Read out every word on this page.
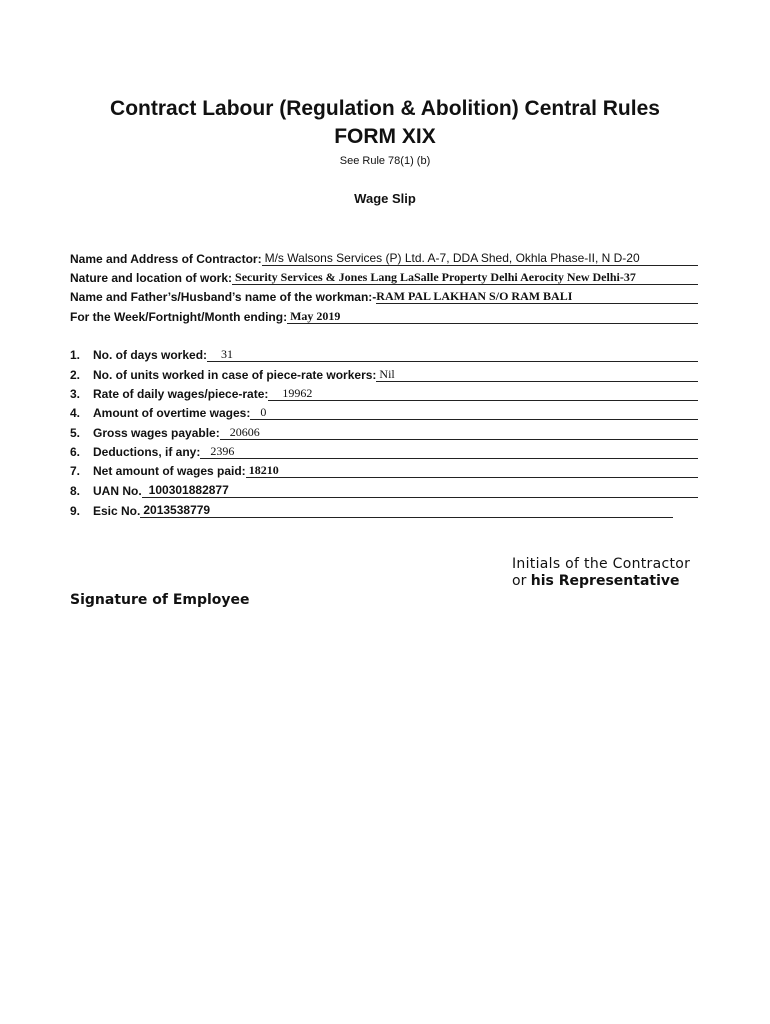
Contract Labour (Regulation & Abolition) Central Rules
FORM XIX
See Rule 78(1) (b)
Wage Slip
Name and Address of Contractor: M/s Walsons Services (P) Ltd. A-7, DDA Shed, Okhla Phase-II, N D-20
Nature and location of work: Security Services & Jones Lang LaSalle Property Delhi Aerocity New Delhi-37
Name and Father’s/Husband’s name of the workman:- RAM PAL LAKHAN S/O RAM BALI
For the Week/Fortnight/Month ending: May 2019
1.	No. of days worked:	31
2.	No. of units worked in case of piece-rate workers: Nil
3.	Rate of daily wages/piece-rate:	19962
4.	Amount of overtime wages: 0
5.	Gross wages payable: 20606
6.	Deductions, if any: 2396
7.	Net amount of wages paid: 18210
8.	UAN No. 100301882877
9.	Esic No. 2013538779
Initials of the Contractor
or his Representative
Signature of Employee
